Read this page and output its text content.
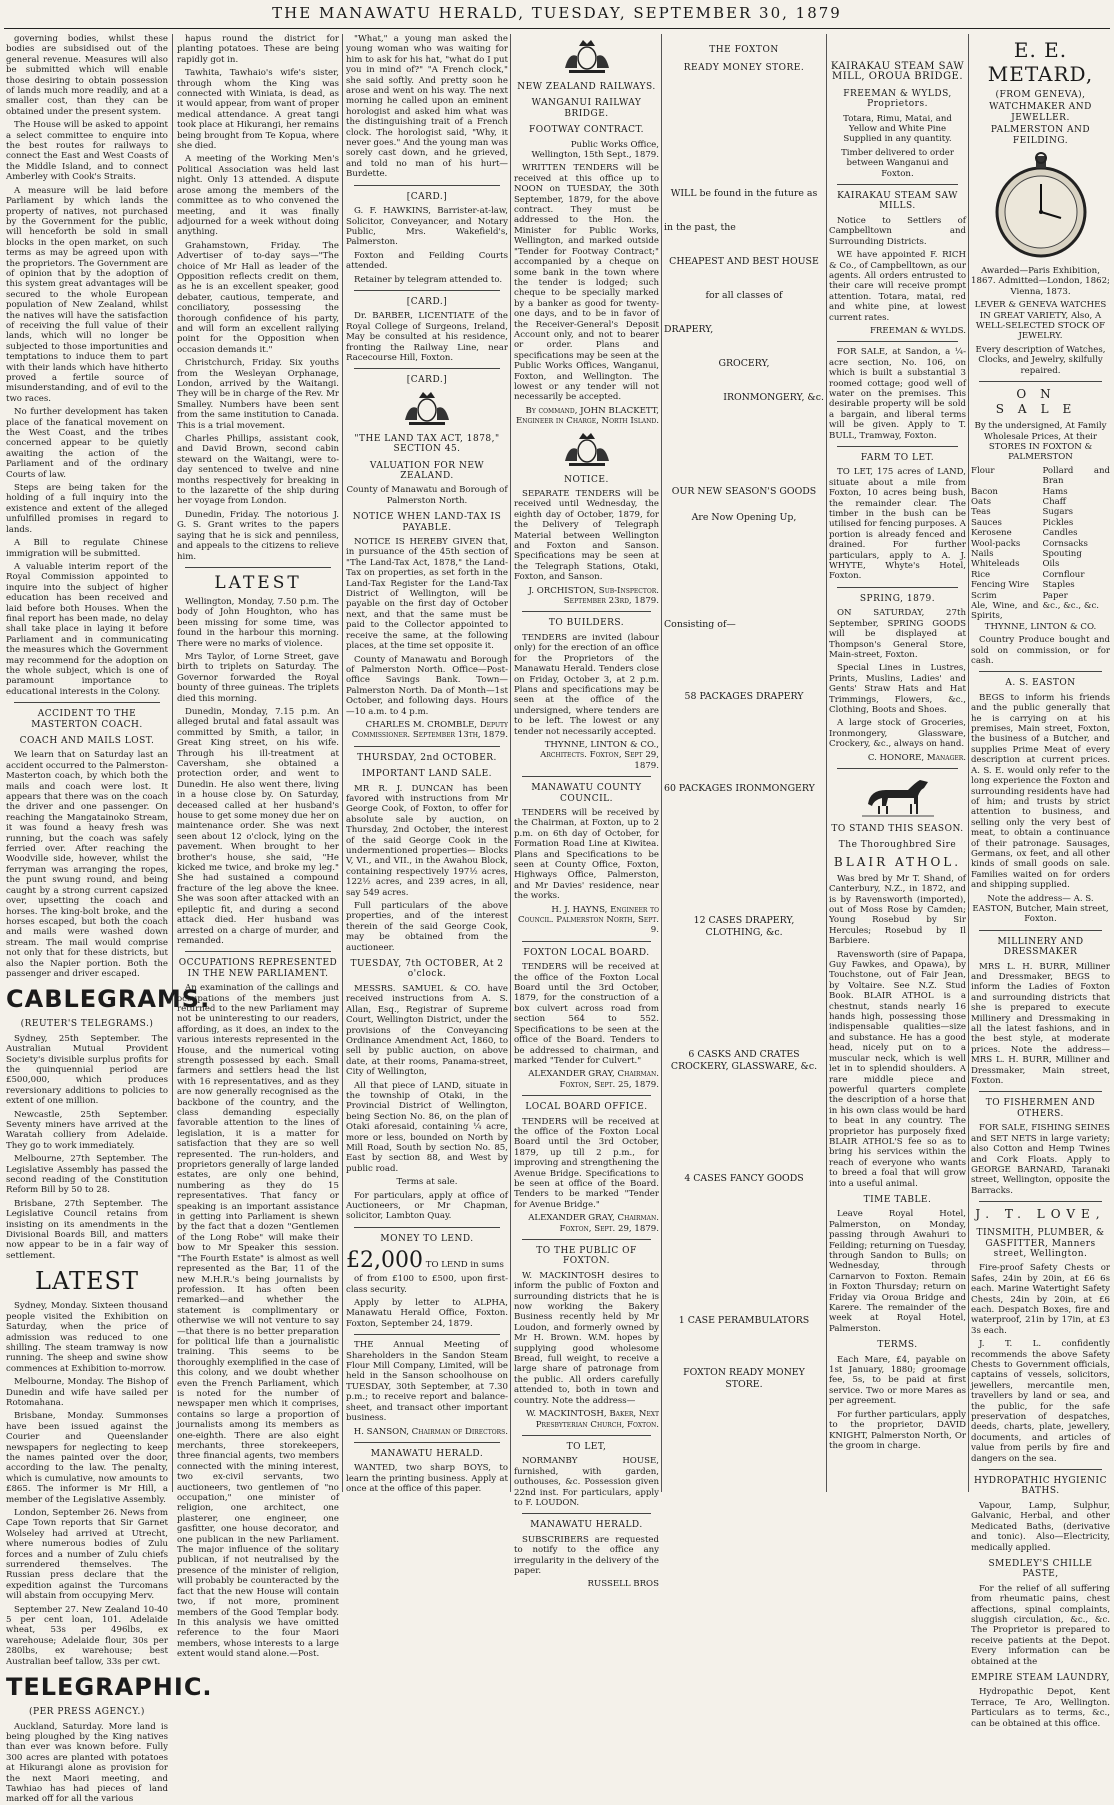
THE MANAWATU HERALD, TUESDAY, SEPTEMBER 30, 1879

governing bodies, whilst these bodies are subsidised out of the general revenue. Measures will also be submitted which will enable those desiring to obtain possession of lands much more readily, and at a smaller cost, than they can be obtained under the present system.

The House will be asked to appoint a select committee to enquire into the best routes for railways to connect the East and West Coasts of the Middle Island, and to connect Amberley with Cook's Straits.

A measure will be laid before Parliament by which lands the property of natives, not purchased by the Government for the public, will henceforth be sold in small blocks in the open market, on such terms as may be agreed upon with the proprietors. The Government are of opinion that by the adoption of this system great advantages will be secured to the whole European population of New Zealand, whilst the natives will have the satisfaction of receiving the full value of their lands, which will no longer be subjected to those importunities and temptations to induce them to part with their lands which have hitherto proved a fertile source of misunderstanding, and of evil to the two races.

No further development has taken place of the fanatical movement on the West Coast, and the tribes concerned appear to be quietly awaiting the action of the Parliament and of the ordinary Courts of law.

Steps are being taken for the holding of a full inquiry into the existence and extent of the alleged unfulfilled promises in regard to lands.

A Bill to regulate Chinese immigration will be submitted.

A valuable interim report of the Royal Commission appointed to inquire into the subject of higher education has been received and laid before both Houses. When the final report has been made, no delay shall take place in laying it before Parliament and in communicating the measures which the Government may recommend for the adoption on the whole subject, which is one of paramount importance to educational interests in the Colony.

ACCIDENT TO THE MASTERTON COACH.
COACH AND MAILS LOST.

We learn that on Saturday last an accident occurred to the Palmerston-Masterton coach, by which both the mails and coach were lost. It appears that there was on the coach the driver and one passenger. On reaching the Mangatainoko Stream, it was found a heavy fresh was running, but the coach was safely ferried over. After reaching the Woodville side, however, whilst the ferryman was arranging the ropes, the punt swung round, and being caught by a strong current capsized over, upsetting the coach and horses. The king-bolt broke, and the horses escaped, but both the coach and mails were washed down stream. The mail would comprise not only that for these districts, but also the Napier portion. Both the passenger and driver escaped.

CABLEGRAMS.
(REUTER'S TELEGRAMS.)

Sydney, 25th September. The Australian Mutual Provident Society's divisible surplus profits for the quinquennial period are £500,000, which produces reversionary additions to policies to extent of one million.

Newcastle, 25th September. Seventy miners have arrived at the Waratah colliery from Adelaide. They go to work immediately.

Melbourne, 27th September. The Legislative Assembly has passed the second reading of the Constitution Reform Bill by 50 to 28.

Brisbane, 27th September. The Legislative Council retains from insisting on its amendments in the Divisional Boards Bill, and matters now appear to be in a fair way of settlement.

LATEST

Sydney, Monday. Sixteen thousand people visited the Exhibition on Saturday, when the price of admission was reduced to one shilling. The steam tramway is now running. The sheep and swine show commences at Exhibition to-morrow.

Melbourne, Monday. The Bishop of Dunedin and wife have sailed per Rotomahana.

Brisbane, Monday. Summonses have been issued against the Courier and Queenslander newspapers for neglecting to keep the names painted over the door, according to the law. The penalty, which is cumulative, now amounts to £865. The informer is Mr Hill, a member of the Legislative Assembly.

London, September 26. News from Cape Town reports that Sir Garnet Wolseley had arrived at Utrecht, where numerous bodies of Zulu forces and a number of Zulu chiefs surrendered themselves. The Russian press declare that the expedition against the Turcomans will abstain from occupying Merv.

September 27. New Zealand 10-40 5 per cent loan, 101. Adelaide wheat, 53s per 496lbs, ex warehouse; Adelaide flour, 30s per 280lbs, ex warehouse; best Australian beef tallow, 33s per cwt.

TELEGRAPHIC.
(PER PRESS AGENCY.)

Auckland, Saturday. More land is being ploughed by the King natives than ever was known before. Fully 300 acres are planted with potatoes at Hikurangi alone as provision for the next Maori meeting, and Tawhiao has had pieces of land marked off for all the various

hapus round the district for planting potatoes. These are being rapidly got in.

Tawhita, Tawhaio's wife's sister, through whom the King was connected with Winiata, is dead, as it would appear, from want of proper medical attendance. A great tangi took place at Hikurangi, her remains being brought from Te Kopua, where she died.

A meeting of the Working Men's Political Association was held last night. Only 13 attended. A dispute arose among the members of the committee as to who convened the meeting, and it was finally adjourned for a week without doing anything.

Grahamstown, Friday. The Advertiser of to-day says—"The choice of Mr Hall as leader of the Opposition reflects credit on them, as he is an excellent speaker, good debater, cautious, temperate, and conciliatory, possessing the thorough confidence of his party, and will form an excellent rallying point for the Opposition when occasion demands it."

Christchurch, Friday. Six youths from the Wesleyan Orphanage, London, arrived by the Waitangi. They will be in charge of the Rev. Mr Smalley. Numbers have been sent from the same institution to Canada. This is a trial movement.

Charles Phillips, assistant cook, and David Brown, second cabin steward on the Waitangi, were to-day sentenced to twelve and nine months respectively for breaking in to the lazarette of the ship during her voyage from London.

Dunedin, Friday. The notorious J. G. S. Grant writes to the papers saying that he is sick and penniless, and appeals to the citizens to relieve him.

LATEST

Wellington, Monday, 7.50 p.m. The body of John Houghton, who has been missing for some time, was found in the harbour this morning. There were no marks of violence.

Mrs Taylor, of Lorne Street, gave birth to triplets on Saturday. The Governor forwarded the Royal bounty of three guineas. The triplets died this morning.

Dunedin, Monday, 7.15 p.m. An alleged brutal and fatal assault was committed by Smith, a tailor, in Great King street, on his wife. Through his ill-treatment at Caversham, she obtained a protection order, and went to Dunedin. He also went there, living in a house close by. On Saturday, deceased called at her husband's house to get some money due her on maintenance order. She was next seen about 12 o'clock, lying on the pavement. When brought to her brother's house, she said, "He kicked me twice, and broke my leg." She had sustained a compound fracture of the leg above the knee. She was soon after attacked with an epileptic fit, and during a second attack died. Her husband was arrested on a charge of murder, and remanded.

OCCUPATIONS REPRESENTED IN THE NEW PARLIAMENT.

An examination of the callings and occupations of the members just returned to the new Parliament may not be uninteresting to our readers, affording, as it does, an index to the various interests represented in the House, and the numerical voting strength possessed by each. Small farmers and settlers head the list with 16 representatives, and as they are now generally recognised as the backbone of the country, and the class demanding especially favorable attention to the lines of legislation, it is a matter for satisfaction that they are so well represented. The run-holders, and proprietors generally of large landed estates, are only one behind, numbering as they do 15 representatives. That fancy or speaking is an important assistance in getting into Parliament is shewn by the fact that a dozen "Gentlemen of the Long Robe" will make their bow to Mr Speaker this session. "The Fourth Estate" is almost as well represented as the Bar, 11 of the new M.H.R.'s being journalists by profession. It has often been remarked—and whether the statement is complimentary or otherwise we will not venture to say—that there is no better preparation for political life than a journalistic training. This seems to be thoroughly exemplified in the case of this colony, and we doubt whether even the French Parliament, which is noted for the number of newspaper men which it comprises, contains so large a proportion of journalists among its members as one-eighth. There are also eight merchants, three storekeepers, three financial agents, two members connected with the mining interest, two ex-civil servants, two auctioneers, two gentlemen of "no occupation," one minister of religion, one architect, one plasterer, one engineer, one gasfitter, one house decorator, and one publican in the new Parliament. The major influence of the solitary publican, if not neutralised by the presence of the minister of religion, will probably be counteracted by the fact that the new House will contain two, if not more, prominent members of the Good Templar body. In this analysis we have omitted reference to the four Maori members, whose interests to a large extent would stand alone.—Post.

"What," a young man asked the young woman who was waiting for him to ask for his hat, "what do I put you in mind of?" "A French clock," she said softly. And pretty soon he arose and went on his way. The next morning he called upon an eminent horologist and asked him what was the distinguishing trait of a French clock. The horologist said, "Why, it never goes." And the young man was sorely cast down, and he grieved, and told no man of his hurt—Burdette.

[CARD.]

G. F. HAWKINS, Barrister-at-law, Solicitor, Conveyancer, and Notary Public, Mrs. Wakefield's, Palmerston.

Foxton and Feilding Courts attended.

Retainer by telegram attended to.

[CARD.]

Dr. BARBER, LICENTIATE of the Royal College of Surgeons, Ireland, May be consulted at his residence, fronting the Railway Line, near Racecourse Hill, Foxton.

[CARD.]
"THE LAND TAX ACT, 1878," SECTION 45.
VALUATION FOR NEW ZEALAND.

County of Manawatu and Borough of Palmerston North.

NOTICE WHEN LAND-TAX IS PAYABLE.

NOTICE IS HEREBY GIVEN that, in pursuance of the 45th section of "The Land-Tax Act, 1878," the Land-Tax on properties, as set forth in the Land-Tax Register for the Land-Tax District of Wellington, will be payable on the first day of October next, and that the same must be paid to the Collector appointed to receive the same, at the following places, at the time set opposite it.

County of Manawatu and Borough of Palmerston North. Office—Post-office Savings Bank. Town—Palmerston North. Da of Month—1st October, and following days. Hours—10 a.m. to 4 p.m.

CHARLES M. CROMBLE, Deputy Commissioner. September 13th, 1879.

THURSDAY, 2nd OCTOBER.
IMPORTANT LAND SALE.

MR R. J. DUNCAN has been favored with instructions from Mr George Cook, of Foxton, to offer for absolute sale by auction, on Thursday, 2nd October, the interest of the said George Cook in the undermentioned properties— Blocks V, VI., and VII., in the Awahou Block, containing respectively 197½ acres, 122½ acres, and 239 acres, in all, say 549 acres.

Full particulars of the above properties, and of the interest therein of the said George Cook, may be obtained from the auctioneer.

TUESDAY, 7th OCTOBER, At 2 o'clock.

MESSRS. SAMUEL & CO. have received instructions from A. S. Allan, Esq., Registrar of Supreme Court, Wellington District, under the provisions of the Conveyancing Ordinance Amendment Act, 1860, to sell by public auction, on above date, at their rooms, Panama-street, City of Wellington,

All that piece of LAND, situate in the township of Otaki, in the Provincial District of Wellington, being Section No. 86, on the plan of Otaki aforesaid, containing ¼ acre, more or less, bounded on North by Mill Road, South by section No. 85, East by section 88, and West by public road.

Terms at sale.

For particulars, apply at office of Auctioneers, or Mr Chapman, solicitor, Lambton Quay.

MONEY TO LEND.
£2,000 TO LEND in sums

of from £100 to £500, upon first-class security.

Apply by letter to ALPHA, Manawatu Herald Office, Foxton. Foxton, September 24, 1879.

THE Annual Meeting of Shareholders in the Sandon Steam Flour Mill Company, Limited, will be held in the Sanson schoolhouse on TUESDAY, 30th September, at 7.30 p.m.; to receive report and balance-sheet, and transact other important business.

H. SANSON, Chairman of Directors.

MANAWATU HERALD.

WANTED, two sharp BOYS, to learn the printing business. Apply at once at the office of this paper.

NEW ZEALAND RAILWAYS.
WANGANUI RAILWAY BRIDGE.
FOOTWAY CONTRACT.

Public Works Office, Wellington, 15th Sept., 1879.

WRITTEN TENDERS will be received at this office up to NOON on TUESDAY, the 30th September, 1879, for the above contract. They must be addressed to the Hon. the Minister for Public Works, Wellington, and marked outside "Tender for Footway Contract;" accompanied by a cheque on some bank in the town where the tender is lodged; such cheque to be specially marked by a banker as good for twenty-one days, and to be in favor of the Receiver-General's Deposit Account only, and not to bearer or order. Plans and specifications may be seen at the Public Works Offices, Wanganui, Foxton, and Wellington. The lowest or any tender will not necessarily be accepted.

By command, JOHN BLACKETT, Engineer in Charge, North Island.

NOTICE.

SEPARATE TENDERS will be received until Wednesday, the eighth day of October, 1879, for the Delivery of Telegraph Material between Wellington and Foxton and Sanson. Specifications may be seen at the Telegraph Stations, Otaki, Foxton, and Sanson.

J. ORCHISTON, Sub-Inspector. September 23rd, 1879.

TO BUILDERS.

TENDERS are invited (labour only) for the erection of an office for the Proprietors of the Manawatu Herald. Tenders close on Friday, October 3, at 2 p.m. Plans and specifications may be seen at the office of the undersigned, where tenders are to be left. The lowest or any tender not necessarily accepted.

THYNNE, LINTON & CO., Architects. Foxton, Sept 29, 1879.

MANAWATU COUNTY COUNCIL.

TENDERS will be received by the Chairman, at Foxton, up to 2 p.m. on 6th day of October, for Formation Road Line at Kiwitea. Plans and Specifications to be seen at County Office, Foxton, Highways Office, Palmerston, and Mr Davies' residence, near the works.

H. J. HAYNS, Engineer to Council. Palmerston North, Sept. 9.

FOXTON LOCAL BOARD.

TENDERS will be received at the office of the Foxton Local Board until the 3rd October, 1879, for the construction of a box culvert across road from section 564 to 552. Specifications to be seen at the office of the Board. Tenders to be addressed to chairman, and marked "Tender for Culvert."

ALEXANDER GRAY, Chairman. Foxton, Sept. 25, 1879.

LOCAL BOARD OFFICE.

TENDERS will be received at the office of the Foxton Local Board until the 3rd October, 1879, up till 2 p.m., for improving and strengthening the Avenue Bridge. Specifications to be seen at office of the Board. Tenders to be marked "Tender for Avenue Bridge."

ALEXANDER GRAY, Chairman. Foxton, Sept. 29, 1879.

TO THE PUBLIC OF FOXTON.

W. MACKINTOSH desires to inform the public of Foxton and surrounding districts that he is now working the Bakery Business recently held by Mr Loudon, and formerly owned by Mr H. Brown. W.M. hopes by supplying good wholesome Bread, full weight, to receive a large share of patronage from the public. All orders carefully attended to, both in town and country. Note the address—

W. MACKINTOSH, Baker, Next Presbyterian Church, Foxton.

TO LET,

NORMANBY HOUSE, furnished, with garden, outhouses, &c. Possession given 22nd inst. For particulars, apply to F. LOUDON.

MANAWATU HERALD.

SUBSCRIBERS are requested to notify to the office any irregularity in the delivery of the paper.

RUSSELL BROS

THE FOXTON
READY MONEY STORE.

WILL be found in the future as

in the past, the

CHEAPEST AND BEST HOUSE

for all classes of

DRAPERY,

GROCERY,

IRONMONGERY, &c.

OUR NEW SEASON'S GOODS

Are Now Opening Up,

Consisting of—

58 PACKAGES DRAPERY

60 PACKAGES IRONMONGERY

12 CASES DRAPERY, CLOTHING, &c.

6 CASKS AND CRATES CROCKERY, GLASSWARE, &c.

4 CASES FANCY GOODS

1 CASE PERAMBULATORS

FOXTON READY MONEY STORE.

KAIRAKAU STEAM SAW MILL, OROUA BRIDGE.
FREEMAN & WYLDS, Proprietors.

Totara, Rimu, Matai, and Yellow and White Pine Supplied in any quantity.

Timber delivered to order between Wanganui and Foxton.

KAIRAKAU STEAM SAW MILLS.

Notice to Settlers of Campbelltown and Surrounding Districts.

WE have appointed F. RICH & Co., of Campbelltown, as our agents. All orders entrusted to their care will receive prompt attention. Totara, matai, red and white pine, at lowest current rates.

FREEMAN & WYLDS.

FOR SALE, at Sandon, a ¼-acre section, No. 106, on which is built a substantial 3 roomed cottage; good well of water on the premises. This desirable property will be sold a bargain, and liberal terms will be given. Apply to T. BULL, Tramway, Foxton.

FARM TO LET.

TO LET, 175 acres of LAND, situate about a mile from Foxton, 10 acres being bush, the remainder clear. The timber in the bush can be utilised for fencing purposes. A portion is already fenced and drained. For further particulars, apply to A. J. WHYTE, Whyte's Hotel, Foxton.

SPRING, 1879.

ON SATURDAY, 27th September, SPRING GOODS will be displayed at Thompson's General Store, Main-street, Foxton.

Special Lines in Lustres, Prints, Muslins, Ladies' and Gents' Straw Hats and Hat Trimmings, Flowers, &c., Clothing, Boots and Shoes.

A large stock of Groceries, Ironmongery, Glassware, Crockery, &c., always on hand.

C. HONORE, Manager.

TO STAND THIS SEASON.
The Thoroughbred Sire
BLAIR ATHOL.

Was bred by Mr T. Shand, of Canterbury, N.Z., in 1872, and is by Ravensworth (imported), out of Moss Rose by Camden; Young Rosebud by Sir Hercules; Rosebud by Il Barbiere.

Ravensworth (sire of Papapa, Guy Fawkes, and Opawa), by Touchstone, out of Fair Jean, by Voltaire. See N.Z. Stud Book. BLAIR ATHOL is a chestnut, stands nearly 16 hands high, possessing those indispensable qualities—size and substance. He has a good head, nicely put on to a muscular neck, which is well let in to splendid shoulders. A rare middle piece and powerful quarters complete the description of a horse that in his own class would be hard to beat in any country. The proprietor has purposely fixed BLAIR ATHOL'S fee so as to bring his services within the reach of everyone who wants to breed a foal that will grow into a useful animal.

TIME TABLE.

Leave Royal Hotel, Palmerston, on Monday, passing through Awahuri to Feilding; returning on Tuesday, through Sandon to Bulls; on Wednesday, through Carnarvon to Foxton. Remain in Foxton Thursday; return on Friday via Oroua Bridge and Karere. The remainder of the week at Royal Hotel, Palmerston.

TERMS.

Each Mare, £4, payable on 1st January, 1880; groomage fee, 5s, to be paid at first service. Two or more Mares as per agreement.

For further particulars, apply to the proprietor, DAVID KNIGHT, Palmerston North, Or the groom in charge.

E. E. METARD,
(FROM GENEVA),
WATCHMAKER AND JEWELLER.
PALMERSTON AND FEILDING.

Awarded—Paris Exhibition, 1867. Admitted—London, 1862; Vienna, 1873.

LEVER & GENEVA WATCHES IN GREAT VARIETY, Also, A WELL-SELECTED STOCK OF JEWELRY.

Every description of Watches, Clocks, and Jewelry, skilfully repaired.

ON SALE

By the undersigned, At Family Wholesale Prices, At their STORES IN FOXTON & PALMERSTON

Flour	Pollard and Bran
Bacon	Hams
Oats	Chaff
Teas	Sugars
Sauces	Pickles
Kerosene	Candles
Wool-packs	Cornsacks
Nails	Spouting
Whiteleads	Oils
Rice	Cornflour
Fencing Wire	Staples
Scrim	Paper
Ale, Wine, and Spirits,
&c., &c., &c.

THYNNE, LINTON & CO.

Country Produce bought and sold on commission, or for cash.

A. S. EASTON

BEGS to inform his friends and the public generally that he is carrying on at his premises, Main street, Foxton, the business of a Butcher, and supplies Prime Meat of every description at current prices. A. S. E. would only refer to the long experience the Foxton and surrounding residents have had of him; and trusts by strict attention to business, and selling only the very best of meat, to obtain a continuance of their patronage. Sausages, Germans, ox feet, and all other kinds of small goods on sale. Families waited on for orders and shipping supplied.

Note the address— A. S. EASTON, Butcher, Main street, Foxton.

MILLINERY AND DRESSMAKER

MRS L. H. BURR, Milliner and Dressmaker, BEGS to inform the Ladies of Foxton and surrounding districts that she is prepared to execute Millinery and Dressmaking in all the latest fashions, and in the best style, at moderate prices. Note the address— MRS L. H. BURR, Milliner and Dressmaker, Main street, Foxton.

TO FISHERMEN AND OTHERS.

FOR SALE, FISHING SEINES and SET NETS in large variety; also Cotton and Hemp Twines and Cork Floats. Apply to GEORGE BARNARD, Taranaki street, Wellington, opposite the Barracks.

J. T. LOVE,
TINSMITH, PLUMBER, & GASFITTER, Manners street, Wellington.

Fire-proof Safety Chests or Safes, 24in by 20in, at £6 6s each. Marine Watertight Safety Chests, 24in by 20in, at £6 each. Despatch Boxes, fire and waterproof, 21in by 17in, at £3 3s each.

J. T. L. confidently recommends the above Safety Chests to Government officials, captains of vessels, solicitors, jewellers, mercantile men, travellers by land or sea, and the public, for the safe preservation of despatches, deeds, charts, plate, jewellery, documents, and articles of value from perils by fire and dangers on the sea.

HYDROPATHIC HYGIENIC BATHS.

Vapour, Lamp, Sulphur, Galvanic, Herbal, and other Medicated Baths, (derivative and tonic). Also—Electricity, medically applied.

SMEDLEY'S CHILLE PASTE,

For the relief of all suffering from rheumatic pains, chest affections, spinal complaints, sluggish circulation, &c., &c. The Proprietor is prepared to receive patients at the Depot. Every information can be obtained at the

EMPIRE STEAM LAUNDRY,

Hydropathic Depot, Kent Terrace, Te Aro, Wellington. Particulars as to terms, &c., can be obtained at this office.
